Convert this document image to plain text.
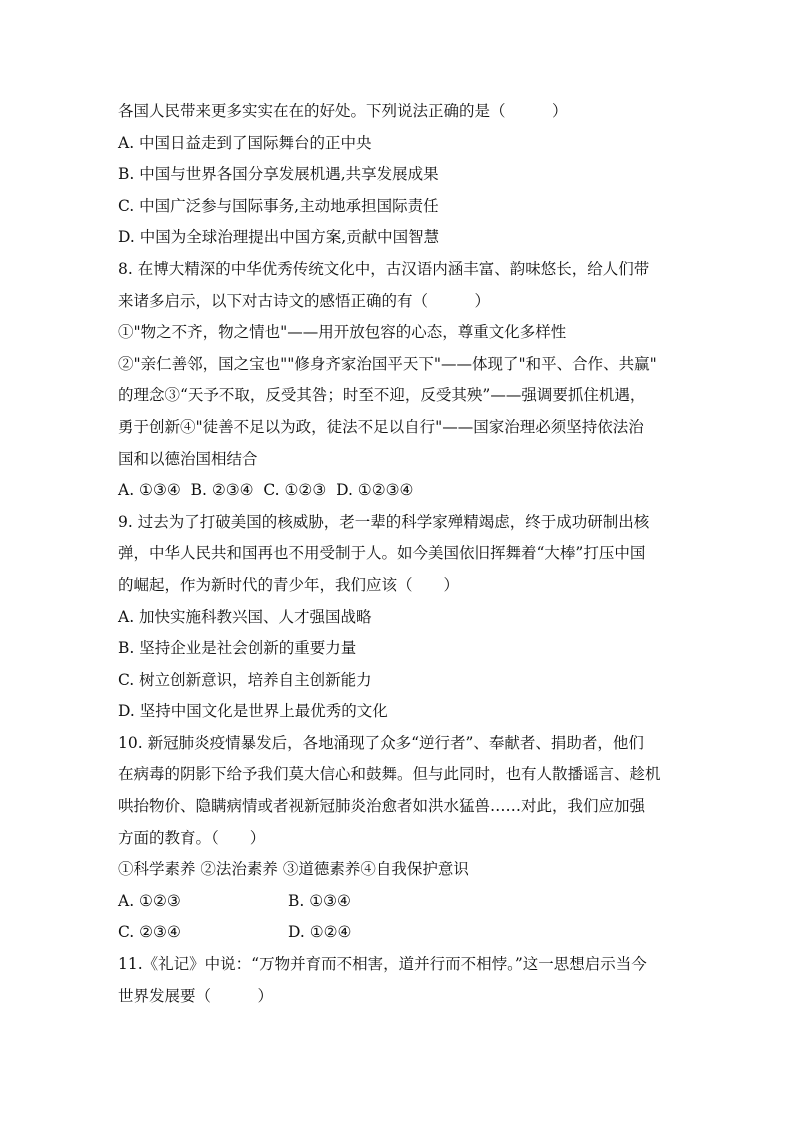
各国人民带来更多实实在在的好处。下列说法正确的是（　　　）
A. 中国日益走到了国际舞台的正中央
B. 中国与世界各国分享发展机遇,共享发展成果
C. 中国广泛参与国际事务,主动地承担国际责任
D. 中国为全球治理提出中国方案,贡献中国智慧
8. 在博大精深的中华优秀传统文化中，古汉语内涵丰富、韵味悠长，给人们带
来诸多启示，以下对古诗文的感悟正确的有（　　　）
①"物之不齐，物之情也"——用开放包容的心态，尊重文化多样性
②"亲仁善邻，国之宝也""修身齐家治国平天下"——体现了"和平、合作、共赢"
的理念③“天予不取，反受其咎；时至不迎，反受其殃”——强调要抓住机遇，
勇于创新④"徒善不足以为政，徒法不足以自行"——国家治理必须坚持依法治
国和以德治国相结合
A. ①③④  B. ②③④  C. ①②③  D. ①②③④
9. 过去为了打破美国的核威胁，老一辈的科学家殚精竭虑，终于成功研制出核
弹，中华人民共和国再也不用受制于人。如今美国依旧挥舞着“大棒”打压中国
的崛起，作为新时代的青少年，我们应该（　　）
A. 加快实施科教兴国、人才强国战略
B. 坚持企业是社会创新的重要力量
C. 树立创新意识，培养自主创新能力
D. 坚持中国文化是世界上最优秀的文化
10. 新冠肺炎疫情暴发后，各地涌现了众多“逆行者”、奉献者、捐助者，他们
在病毒的阴影下给予我们莫大信心和鼓舞。但与此同时，也有人散播谣言、趁机
哄抬物价、隐瞒病情或者视新冠肺炎治愈者如洪水猛兽……对此，我们应加强
方面的教育。（　　）
①科学素养 ②法治素养 ③道德素养④自我保护意识
A. ①②③	B. ①③④
C. ②③④	D. ①②④
11.《礼记》中说：“万物并育而不相害，道并行而不相悖。”这一思想启示当今
世界发展要（　　　）
